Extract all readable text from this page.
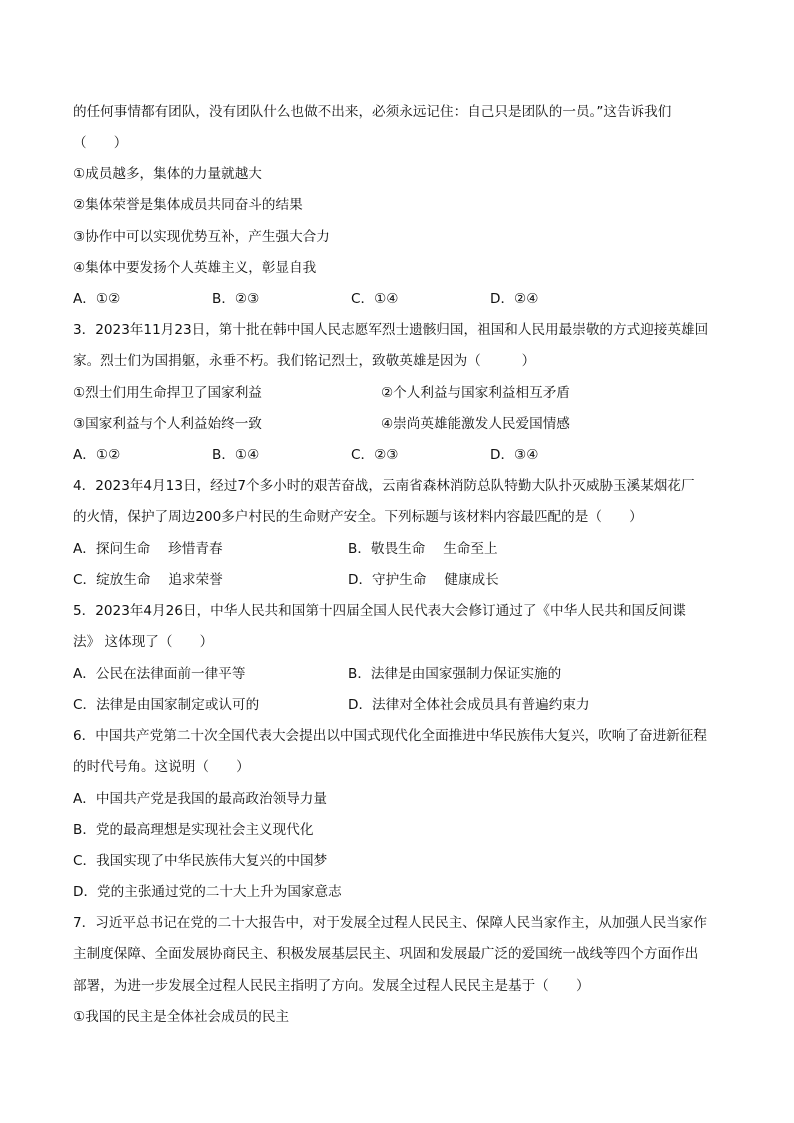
的任何事情都有团队，没有团队什么也做不出来，必须永远记住：自己只是团队的一员。”这告诉我们
（　　）
①成员越多，集体的力量就越大
②集体荣誉是集体成员共同奋斗的结果
③协作中可以实现优势互补，产生强大合力
④集体中要发扬个人英雄主义，彰显自我
A．①②	B．②③	C．①④	D．②④
3．2023年11月23日，第十批在韩中国人民志愿军烈士遗骸归国，祖国和人民用最崇敬的方式迎接英雄回
家。烈士们为国捐躯，永垂不朽。我们铭记烈士，致敬英雄是因为（　　　）
①烈士们用生命捍卫了国家利益	②个人利益与国家利益相互矛盾
③国家利益与个人利益始终一致	④崇尚英雄能激发人民爱国情感
A．①②	B．①④	C．②③	D．③④
4．2023年4月13日，经过7个多小时的艰苦奋战，云南省森林消防总队特勤大队扑灭威胁玉溪某烟花厂
的火情，保护了周边200多户村民的生命财产安全。下列标题与该材料内容最匹配的是（　　）
A．探问生命　 珍惜青春	B．敬畏生命　 生命至上
C．绽放生命　 追求荣誉	D．守护生命　 健康成长
5．2023年4月26日，中华人民共和国第十四届全国人民代表大会修订通过了《中华人民共和国反间谍
法》 这体现了（　　）
A．公民在法律面前一律平等	B．法律是由国家强制力保证实施的
C．法律是由国家制定或认可的	D．法律对全体社会成员具有普遍约束力
6．中国共产党第二十次全国代表大会提出以中国式现代化全面推进中华民族伟大复兴，吹响了奋进新征程
的时代号角。这说明（　　）
A．中国共产党是我国的最高政治领导力量
B．党的最高理想是实现社会主义现代化
C．我国实现了中华民族伟大复兴的中国梦
D．党的主张通过党的二十大上升为国家意志
7．习近平总书记在党的二十大报告中，对于发展全过程人民民主、保障人民当家作主，从加强人民当家作
主制度保障、全面发展协商民主、积极发展基层民主、巩固和发展最广泛的爱国统一战线等四个方面作出
部署，为进一步发展全过程人民民主指明了方向。发展全过程人民民主是基于（　　）
①我国的民主是全体社会成员的民主
